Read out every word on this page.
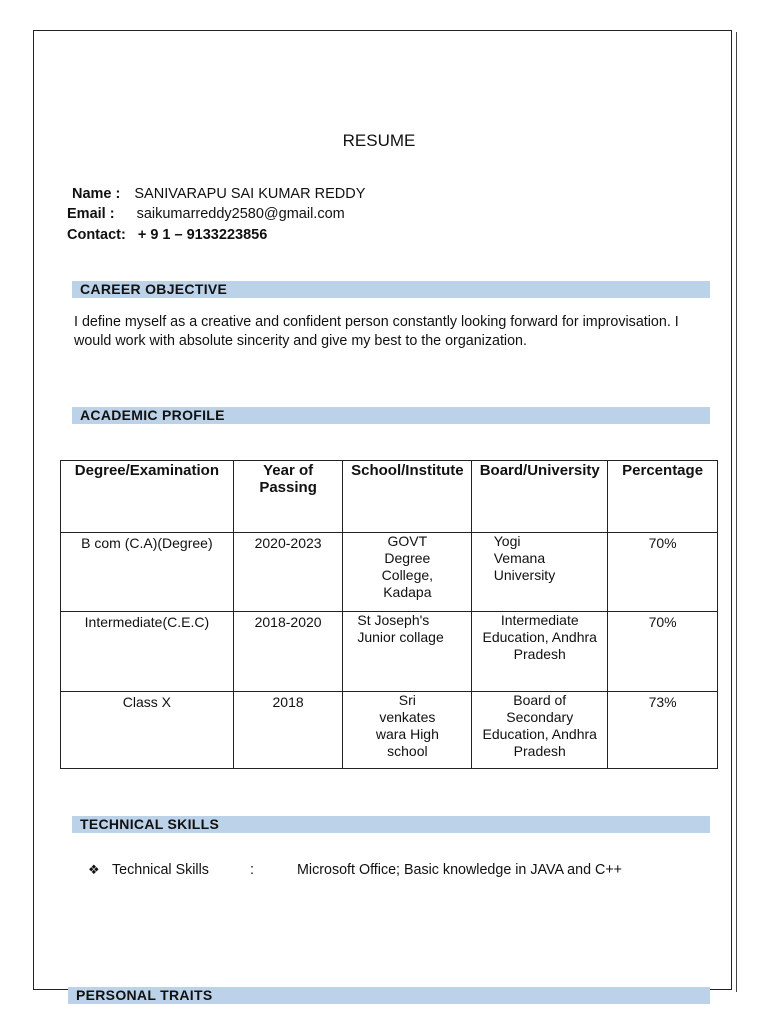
RESUME
Name : SANIVARAPU SAI KUMAR REDDY
Email : saikumarreddy2580@gmail.com
Contact: + 9 1 – 9133223856
CAREER OBJECTIVE
I define myself as a creative and confident person constantly looking forward for improvisation. I would work with absolute sincerity and give my best to the organization.
ACADEMIC PROFILE
Degree/Examination	Year of Passing	School/Institute	Board/University	Percentage
B com (C.A)(Degree)	2020-2023	GOVT Degree College, Kadapa	Yogi Vemana University	70%
Intermediate(C.E.C)	2018-2020	St Joseph's Junior collage	Intermediate Education, Andhra Pradesh	70%
Class X	2018	Sri venkates wara High school	Board of Secondary Education, Andhra Pradesh	73%
TECHNICAL SKILLS
❖ Technical Skills	:	Microsoft Office; Basic knowledge in JAVA and C++
PERSONAL TRAITS
